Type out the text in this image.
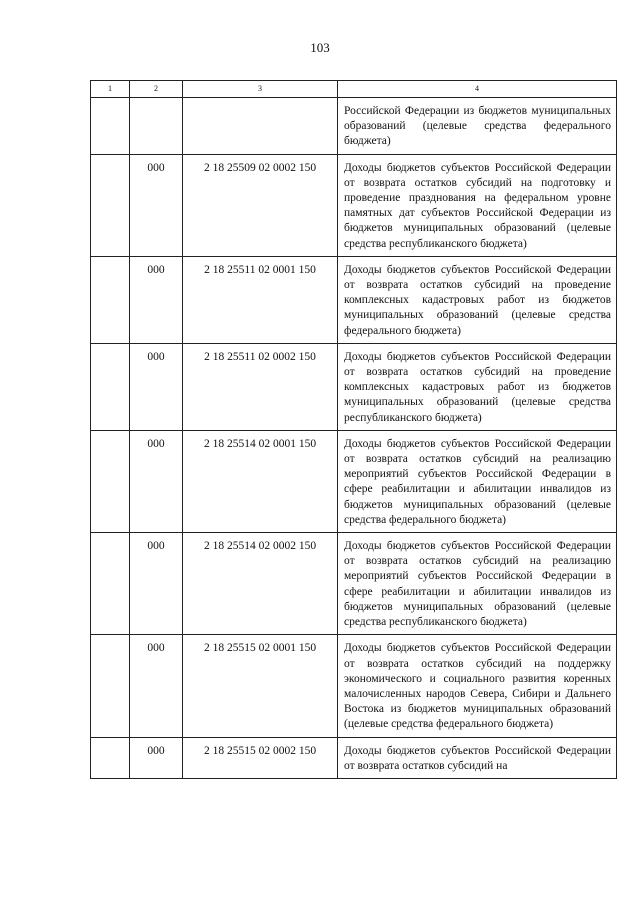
103
1	2	3	4
			Российской Федерации из бюджетов муниципальных образований (целевые средства федерального бюджета)
	000	2 18 25509 02 0002 150	Доходы бюджетов субъектов Российской Федерации от возврата остатков субсидий на подготовку и проведение празднования на федеральном уровне памятных дат субъектов Российской Федерации из бюджетов муниципальных образований (целевые средства республиканского бюджета)
	000	2 18 25511 02 0001 150	Доходы бюджетов субъектов Российской Федерации от возврата остатков субсидий на проведение комплексных кадастровых работ из бюджетов муниципальных образований (целевые средства федерального бюджета)
	000	2 18 25511 02 0002 150	Доходы бюджетов субъектов Российской Федерации от возврата остатков субсидий на проведение комплексных кадастровых работ из бюджетов муниципальных образований (целевые средства республиканского бюджета)
	000	2 18 25514 02 0001 150	Доходы бюджетов субъектов Российской Федерации от возврата остатков субсидий на реализацию мероприятий субъектов Российской Федерации в сфере реабилитации и абилитации инвалидов из бюджетов муниципальных образований (целевые средства федерального бюджета)
	000	2 18 25514 02 0002 150	Доходы бюджетов субъектов Российской Федерации от возврата остатков субсидий на реализацию мероприятий субъектов Российской Федерации в сфере реабилитации и абилитации инвалидов из бюджетов муниципальных образований (целевые средства республиканского бюджета)
	000	2 18 25515 02 0001 150	Доходы бюджетов субъектов Российской Федерации от возврата остатков субсидий на поддержку экономического и социального развития коренных малочисленных народов Севера, Сибири и Дальнего Востока из бюджетов муниципальных образований (целевые средства федерального бюджета)
	000	2 18 25515 02 0002 150	Доходы бюджетов субъектов Российской Федерации от возврата остатков субсидий на
